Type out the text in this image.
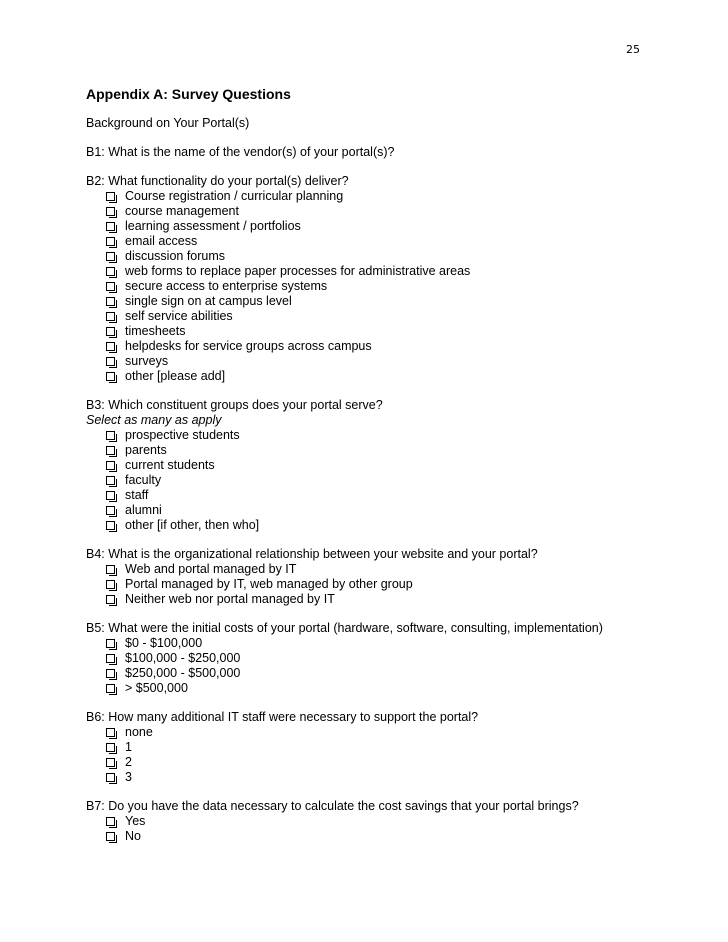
25
Appendix A: Survey Questions
Background on Your Portal(s)
B1: What is the name of the vendor(s) of your portal(s)?
B2: What functionality do your portal(s) deliver?
Course registration / curricular planning
course management
learning assessment / portfolios
email access
discussion forums
web forms to replace paper processes for administrative areas
secure access to enterprise systems
single sign on at campus level
self service abilities
timesheets
helpdesks for service groups across campus
surveys
other [please add]
B3: Which constituent groups does your portal serve?
Select as many as apply
prospective students
parents
current students
faculty
staff
alumni
other [if other, then who]
B4: What is the organizational relationship between your website and your portal?
Web and portal managed by IT
Portal managed by IT, web managed by other group
Neither web nor portal managed by IT
B5: What were the initial costs of your portal (hardware, software, consulting, implementation)
$0 - $100,000
$100,000 - $250,000
$250,000 - $500,000
> $500,000
B6: How many additional IT staff were necessary to support the portal?
none
1
2
3
B7: Do you have the data necessary to calculate the cost savings that your portal brings?
Yes
No
